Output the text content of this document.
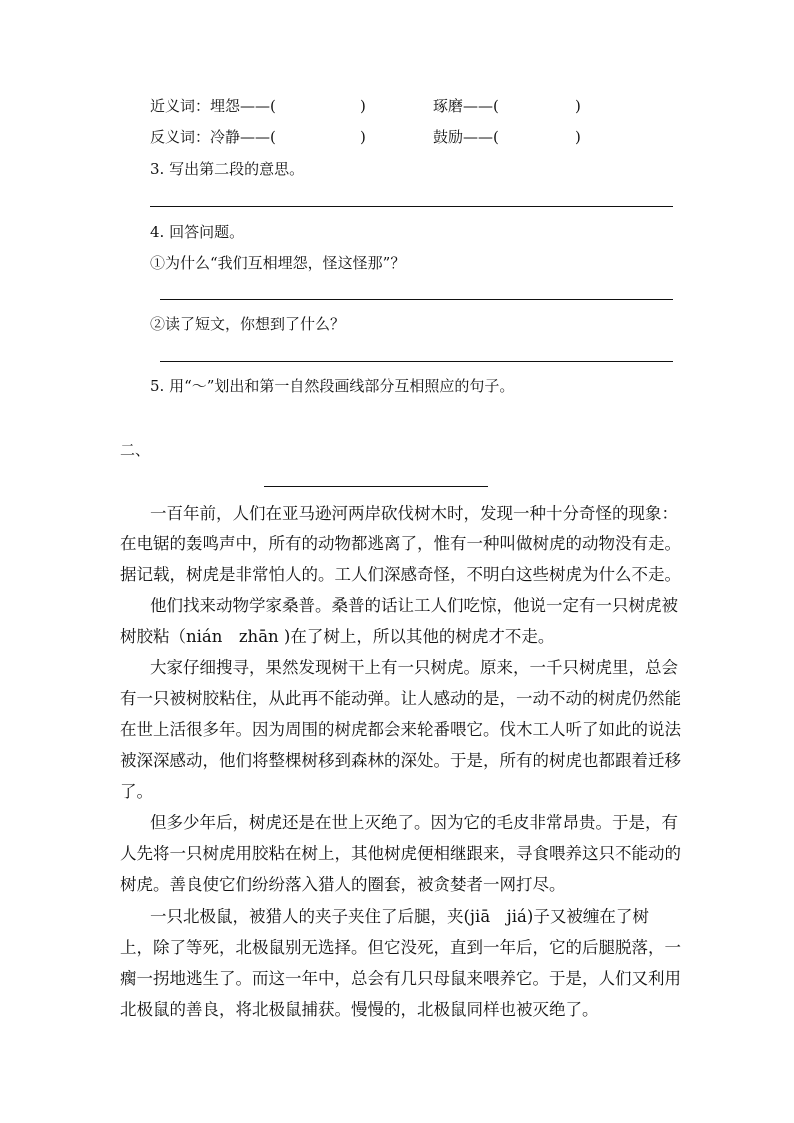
近义词： 埋怨——(	)	琢磨——(	)
反义词： 冷静——(	)	鼓励——(	)
3. 写出第二段的意思。
4. 回答问题。
①为什么“我们互相埋怨，怪这怪那”？
②读了短文，你想到了什么？
5. 用“～”划出和第一自然段画线部分互相照应的句子。
二、
一百年前，人们在亚马逊河两岸砍伐树木时，发现一种十分奇怪的现象：
在电锯的轰鸣声中，所有的动物都逃离了，惟有一种叫做树虎的动物没有走。
据记载，树虎是非常怕人的。工人们深感奇怪，不明白这些树虎为什么不走。
他们找来动物学家桑普。桑普的话让工人们吃惊，他说一定有一只树虎被
树胶粘（nián　zhān )在了树上，所以其他的树虎才不走。
大家仔细搜寻，果然发现树干上有一只树虎。原来，一千只树虎里，总会
有一只被树胶粘住，从此再不能动弹。让人感动的是，一动不动的树虎仍然能
在世上活很多年。因为周围的树虎都会来轮番喂它。伐木工人听了如此的说法
被深深感动，他们将整棵树移到森林的深处。于是，所有的树虎也都跟着迁移
了。
但多少年后，树虎还是在世上灭绝了。因为它的毛皮非常昂贵。于是，有
人先将一只树虎用胶粘在树上，其他树虎便相继跟来，寻食喂养这只不能动的
树虎。善良使它们纷纷落入猎人的圈套，被贪婪者一网打尽。
一只北极鼠，被猎人的夹子夹住了后腿，夹(jiā　jiá)子又被缠在了树
上，除了等死，北极鼠别无选择。但它没死，直到一年后，它的后腿脱落，一
瘸一拐地逃生了。而这一年中，总会有几只母鼠来喂养它。于是，人们又利用
北极鼠的善良，将北极鼠捕获。慢慢的，北极鼠同样也被灭绝了。
